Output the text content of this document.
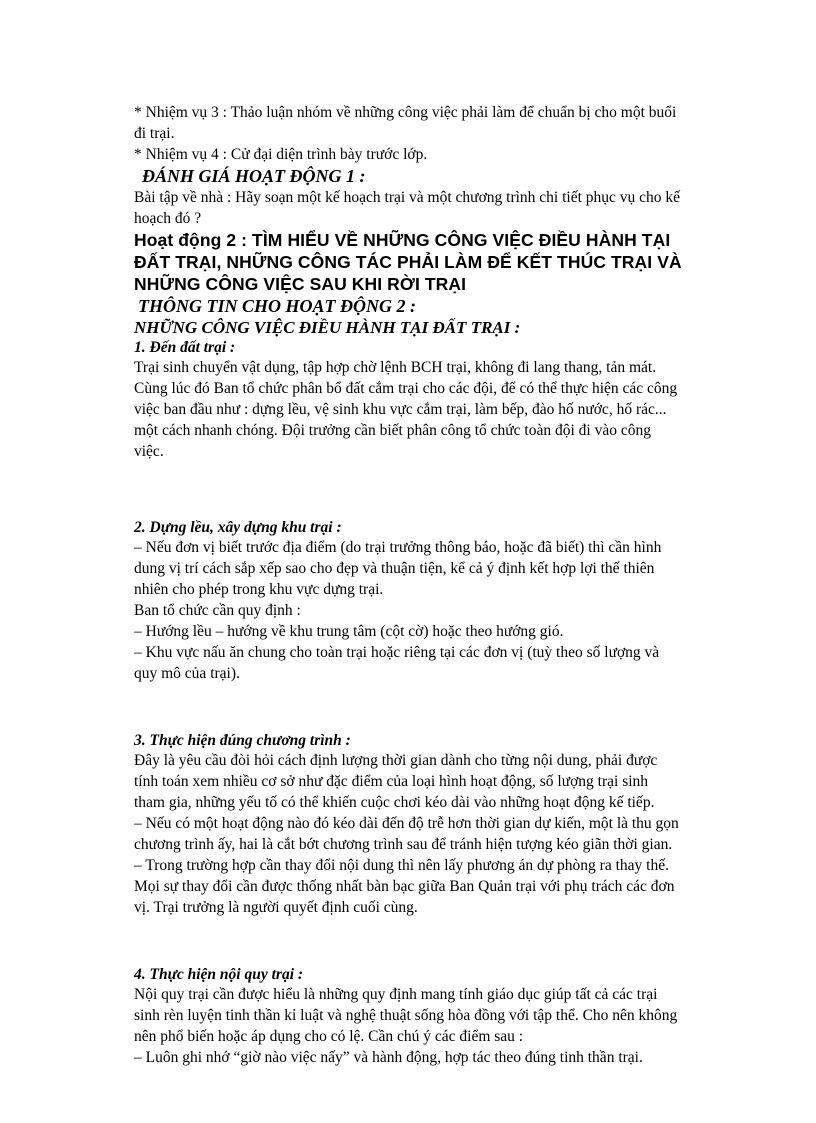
* Nhiệm vụ 3 : Thảo luận nhóm về những công việc phải làm để chuẩn bị cho một buổi đi trại.

* Nhiệm vụ 4 : Cử đại diện trình bày trước lớp.

ĐÁNH GIÁ HOẠT ĐỘNG 1 :

Bài tập về nhà : Hãy soạn một kế hoạch trại và một chương trình chi tiết phục vụ cho kế hoạch đó ?

Hoạt động 2 : TÌM HIỂU VỀ NHỮNG CÔNG VIỆC ĐIỀU HÀNH TẠI ĐẤT TRẠI, NHỮNG CÔNG TÁC PHẢI LÀM ĐỂ KẾT THÚC TRẠI VÀ NHỮNG CÔNG VIỆC SAU KHI RỜI TRẠI

THÔNG TIN CHO HOẠT ĐỘNG 2 :

NHỮNG CÔNG VIỆC ĐIỀU HÀNH TẠI ĐẤT TRẠI :

1. Đến đất trại :

Trại sinh chuyển vật dụng, tập hợp chờ lệnh BCH trại, không đi lang thang, tản mát. Cùng lúc đó Ban tổ chức phân bổ đất cắm trại cho các đội, để có thể thực hiện các công việc ban đầu như : dựng lều, vệ sinh khu vực cắm trại, làm bếp, đào hố nước, hố rác... một cách nhanh chóng. Đội trưởng cần biết phân công tổ chức toàn đội đi vào công việc.

2. Dựng lều, xây dựng khu trại :

– Nếu đơn vị biết trước địa điểm (do trại trưởng thông báo, hoặc đã biết) thì cần hình dung vị trí cách sắp xếp sao cho đẹp và thuận tiện, kể cả ý định kết hợp lợi thế thiên nhiên cho phép trong khu vực dựng trại.

Ban tổ chức cần quy định :

– Hướng lều – hướng về khu trung tâm (cột cờ) hoặc theo hướng gió.

– Khu vực nấu ăn chung cho toàn trại hoặc riêng tại các đơn vị (tuỳ theo số lượng và quy mô của trại).

3. Thực hiện đúng chương trình :

Đây là yêu cầu đòi hỏi cách định lượng thời gian dành cho từng nội dung, phải được tính toán xem nhiều cơ sở như đặc điểm của loại hình hoạt động, số lượng trại sinh tham gia, những yếu tố có thể khiến cuộc chơi kéo dài vào những hoạt động kế tiếp.

– Nếu có một hoạt động nào đó kéo dài đến độ trễ hơn thời gian dự kiến, một là thu gọn chương trình ấy, hai là cắt bớt chương trình sau để tránh hiện tượng kéo giãn thời gian.

– Trong trường hợp cần thay đổi nội dung thì nên lấy phương án dự phòng ra thay thế. Mọi sự thay đổi cần được thống nhất bàn bạc giữa Ban Quản trại với phụ trách các đơn vị. Trại trưởng là người quyết định cuối cùng.

4. Thực hiện nội quy trại :

Nội quy trại cần được hiểu là những quy định mang tính giáo dục giúp tất cả các trại sinh rèn luyện tinh thần kỉ luật và nghệ thuật sống hòa đồng với tập thể. Cho nên không nên phổ biến hoặc áp dụng cho có lệ. Cần chú ý các điểm sau :

– Luôn ghi nhớ “giờ nào việc nấy” và hành động, hợp tác theo đúng tinh thần trại.
